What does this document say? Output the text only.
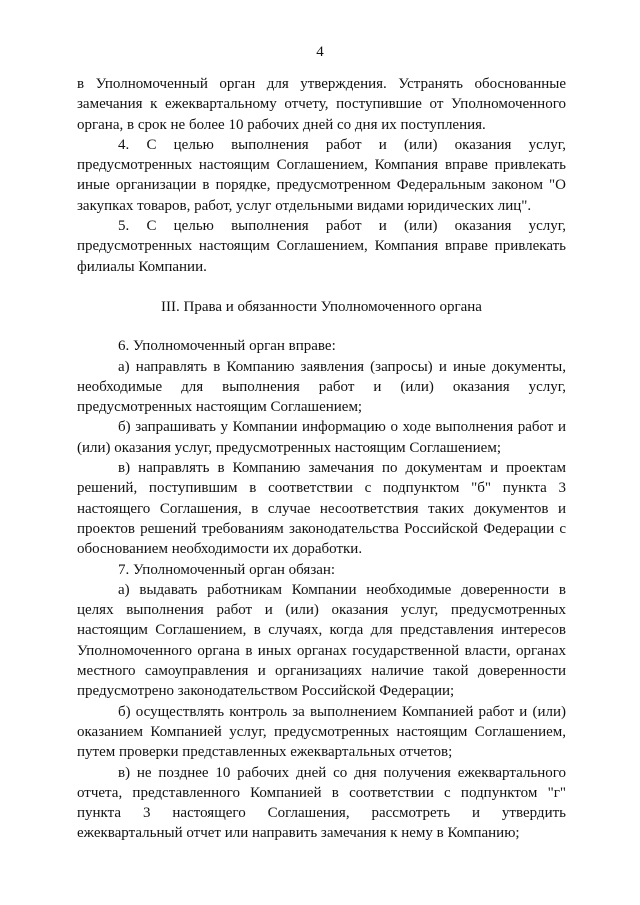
4

в Уполномоченный орган для утверждения. Устранять обоснованные замечания к ежеквартальному отчету, поступившие от Уполномоченного органа, в срок не более 10 рабочих дней со дня их поступления.

4. С целью выполнения работ и (или) оказания услуг, предусмотренных настоящим Соглашением, Компания вправе привлекать иные организации в порядке, предусмотренном Федеральным законом "О закупках товаров, работ, услуг отдельными видами юридических лиц".

5. С целью выполнения работ и (или) оказания услуг, предусмотренных настоящим Соглашением, Компания вправе привлекать филиалы Компании.

III. Права и обязанности Уполномоченного органа

6. Уполномоченный орган вправе:

а) направлять в Компанию заявления (запросы) и иные документы, необходимые для выполнения работ и (или) оказания услуг, предусмотренных настоящим Соглашением;

б) запрашивать у Компании информацию о ходе выполнения работ и (или) оказания услуг, предусмотренных настоящим Соглашением;

в) направлять в Компанию замечания по документам и проектам решений, поступившим в соответствии с подпунктом "б" пункта 3 настоящего Соглашения, в случае несоответствия таких документов и проектов решений требованиям законодательства Российской Федерации с обоснованием необходимости их доработки.

7. Уполномоченный орган обязан:

а) выдавать работникам Компании необходимые доверенности в целях выполнения работ и (или) оказания услуг, предусмотренных настоящим Соглашением, в случаях, когда для представления интересов Уполномоченного органа в иных органах государственной власти, органах местного самоуправления и организациях наличие такой доверенности предусмотрено законодательством Российской Федерации;

б) осуществлять контроль за выполнением Компанией работ и (или) оказанием Компанией услуг, предусмотренных настоящим Соглашением, путем проверки представленных ежеквартальных отчетов;

в) не позднее 10 рабочих дней со дня получения ежеквартального отчета, представленного Компанией в соответствии с подпунктом "г" пункта 3 настоящего Соглашения, рассмотреть и утвердить ежеквартальный отчет или направить замечания к нему в Компанию;
